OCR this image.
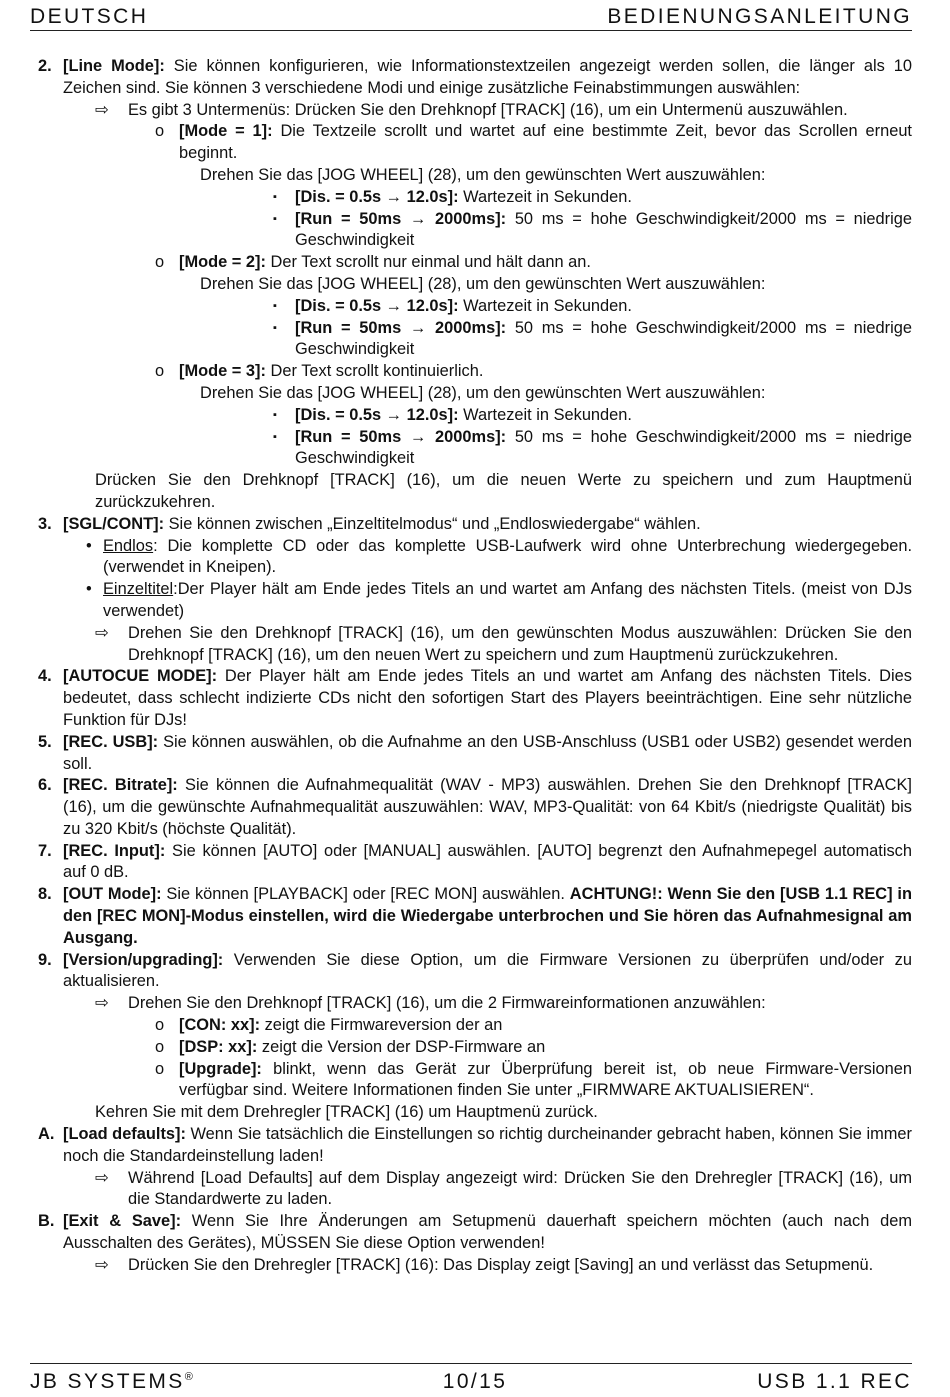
DEUTSCH	BEDIENUNGSANLEITUNG
2. [Line Mode]: Sie können konfigurieren, wie Informationstextzeilen angezeigt werden sollen, die länger als 10 Zeichen sind. Sie können 3 verschiedene Modi und einige zusätzliche Feinabstimmungen auswählen:
⇨	Es gibt 3 Untermenüs: Drücken Sie den Drehknopf [TRACK] (16), um ein Untermenü auszuwählen.
o [Mode = 1]: Die Textzeile scrollt und wartet auf eine bestimmte Zeit, bevor das Scrollen erneut beginnt.
Drehen Sie das [JOG WHEEL] (28), um den gewünschten Wert auszuwählen:
▪	[Dis. = 0.5s → 12.0s]: Wartezeit in Sekunden.
▪	[Run = 50ms → 2000ms]: 50 ms = hohe Geschwindigkeit/2000 ms = niedrige Geschwindigkeit
o [Mode = 2]: Der Text scrollt nur einmal und hält dann an.
Drehen Sie das [JOG WHEEL] (28), um den gewünschten Wert auszuwählen:
▪	[Dis. = 0.5s → 12.0s]: Wartezeit in Sekunden.
▪	[Run = 50ms → 2000ms]: 50 ms = hohe Geschwindigkeit/2000 ms = niedrige Geschwindigkeit
o [Mode = 3]: Der Text scrollt kontinuierlich.
Drehen Sie das [JOG WHEEL] (28), um den gewünschten Wert auszuwählen:
▪	[Dis. = 0.5s → 12.0s]: Wartezeit in Sekunden.
▪	[Run = 50ms → 2000ms]: 50 ms = hohe Geschwindigkeit/2000 ms = niedrige Geschwindigkeit
Drücken Sie den Drehknopf [TRACK] (16), um die neuen Werte zu speichern und zum Hauptmenü zurückzukehren.
3. [SGL/CONT]: Sie können zwischen „Einzeltitelmodus“ und „Endloswiedergabe“ wählen.
• Endlos: Die komplette CD oder das komplette USB-Laufwerk wird ohne Unterbrechung wiedergegeben. (verwendet in Kneipen).
• Einzeltitel:Der Player hält am Ende jedes Titels an und wartet am Anfang des nächsten Titels. (meist von DJs verwendet)
⇨	Drehen Sie den Drehknopf [TRACK] (16), um den gewünschten Modus auszuwählen: Drücken Sie den Drehknopf [TRACK] (16), um den neuen Wert zu speichern und zum Hauptmenü zurückzukehren.
4. [AUTOCUE MODE]: Der Player hält am Ende jedes Titels an und wartet am Anfang des nächsten Titels. Dies bedeutet, dass schlecht indizierte CDs nicht den sofortigen Start des Players beeinträchtigen. Eine sehr nützliche Funktion für DJs!
5. [REC. USB]: Sie können auswählen, ob die Aufnahme an den USB-Anschluss (USB1 oder USB2) gesendet werden soll.
6. [REC. Bitrate]: Sie können die Aufnahmequalität (WAV - MP3) auswählen. Drehen Sie den Drehknopf [TRACK] (16), um die gewünschte Aufnahmequalität auszuwählen: WAV, MP3-Qualität: von 64 Kbit/s (niedrigste Qualität) bis zu 320 Kbit/s (höchste Qualität).
7. [REC. Input]: Sie können [AUTO] oder [MANUAL] auswählen. [AUTO] begrenzt den Aufnahmepegel automatisch auf 0 dB.
8. [OUT Mode]: Sie können [PLAYBACK] oder [REC MON] auswählen. ACHTUNG!: Wenn Sie den [USB 1.1 REC] in den [REC MON]-Modus einstellen, wird die Wiedergabe unterbrochen und Sie hören das Aufnahmesignal am Ausgang.
9. [Version/upgrading]: Verwenden Sie diese Option, um die Firmware Versionen zu überprüfen und/oder zu aktualisieren.
⇨	Drehen Sie den Drehknopf [TRACK] (16), um die 2 Firmwareinformationen anzuwählen:
o [CON: xx]: zeigt die Firmwareversion der an
o [DSP: xx]: zeigt die Version der DSP-Firmware an
o [Upgrade]: blinkt, wenn das Gerät zur Überprüfung bereit ist, ob neue Firmware-Versionen verfügbar sind. Weitere Informationen finden Sie unter „FIRMWARE AKTUALISIEREN“.
Kehren Sie mit dem Drehregler [TRACK] (16) um Hauptmenü zurück.
A. [Load defaults]: Wenn Sie tatsächlich die Einstellungen so richtig durcheinander gebracht haben, können Sie immer noch die Standardeinstellung laden!
⇨	Während [Load Defaults] auf dem Display angezeigt wird: Drücken Sie den Drehregler [TRACK] (16), um die Standardwerte zu laden.
B. [Exit & Save]: Wenn Sie Ihre Änderungen am Setupmenü dauerhaft speichern möchten (auch nach dem Ausschalten des Gerätes), MÜSSEN Sie diese Option verwenden!
⇨	Drücken Sie den Drehregler [TRACK] (16): Das Display zeigt [Saving] an und verlässt das Setupmenü.
JB SYSTEMS®	10/15	USB 1.1 REC
